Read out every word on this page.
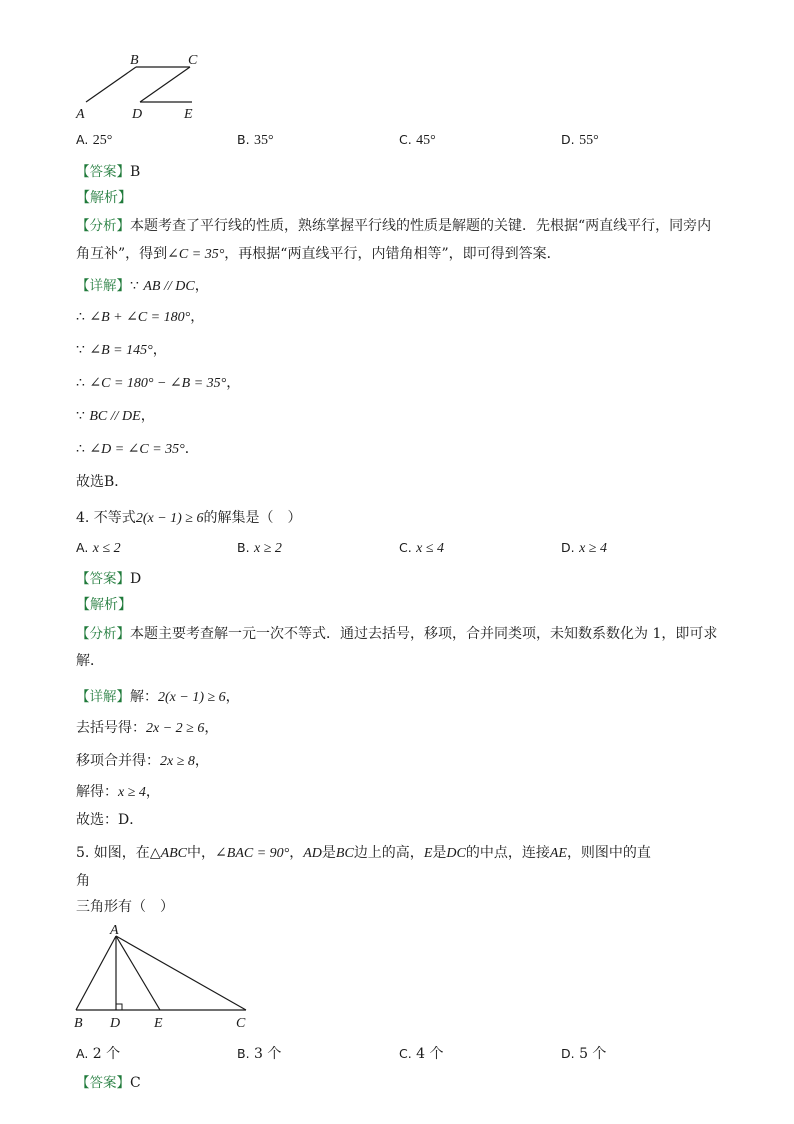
B	C
A	D	E
A. 25°	B. 35°	C. 45°	D. 55°
【答案】B
【解析】
【分析】本题考查了平行线的性质，熟练掌握平行线的性质是解题的关键．先根据“两直线平行，同旁内
角互补”，得到∠C = 35°，再根据“两直线平行，内错角相等”，即可得到答案．
【详解】∵ AB // DC，
∴ ∠B + ∠C = 180°，
∵ ∠B = 145°，
∴ ∠C = 180° − ∠B = 35°，
∵ BC // DE，
∴ ∠D = ∠C = 35°．
故选B．
4. 不等式2(x − 1) ≥ 6的解集是（　）
A. x ≤ 2	B. x ≥ 2	C. x ≤ 4	D. x ≥ 4
【答案】D
【解析】
【分析】本题主要考查解一元一次不等式．通过去括号，移项，合并同类项，未知数系数化为 1，即可求
解．
【详解】解：2(x − 1) ≥ 6，
去括号得：2x − 2 ≥ 6，
移项合并得：2x ≥ 8，
解得：x ≥ 4，
故选：D．
5. 如图，在△ABC中，∠BAC = 90°，AD是BC边上的高，E是DC的中点，连接AE，则图中的直
角
三角形有（　）
A
B D E	C
A. 2 个	B. 3 个	C. 4 个	D. 5 个
【答案】C
